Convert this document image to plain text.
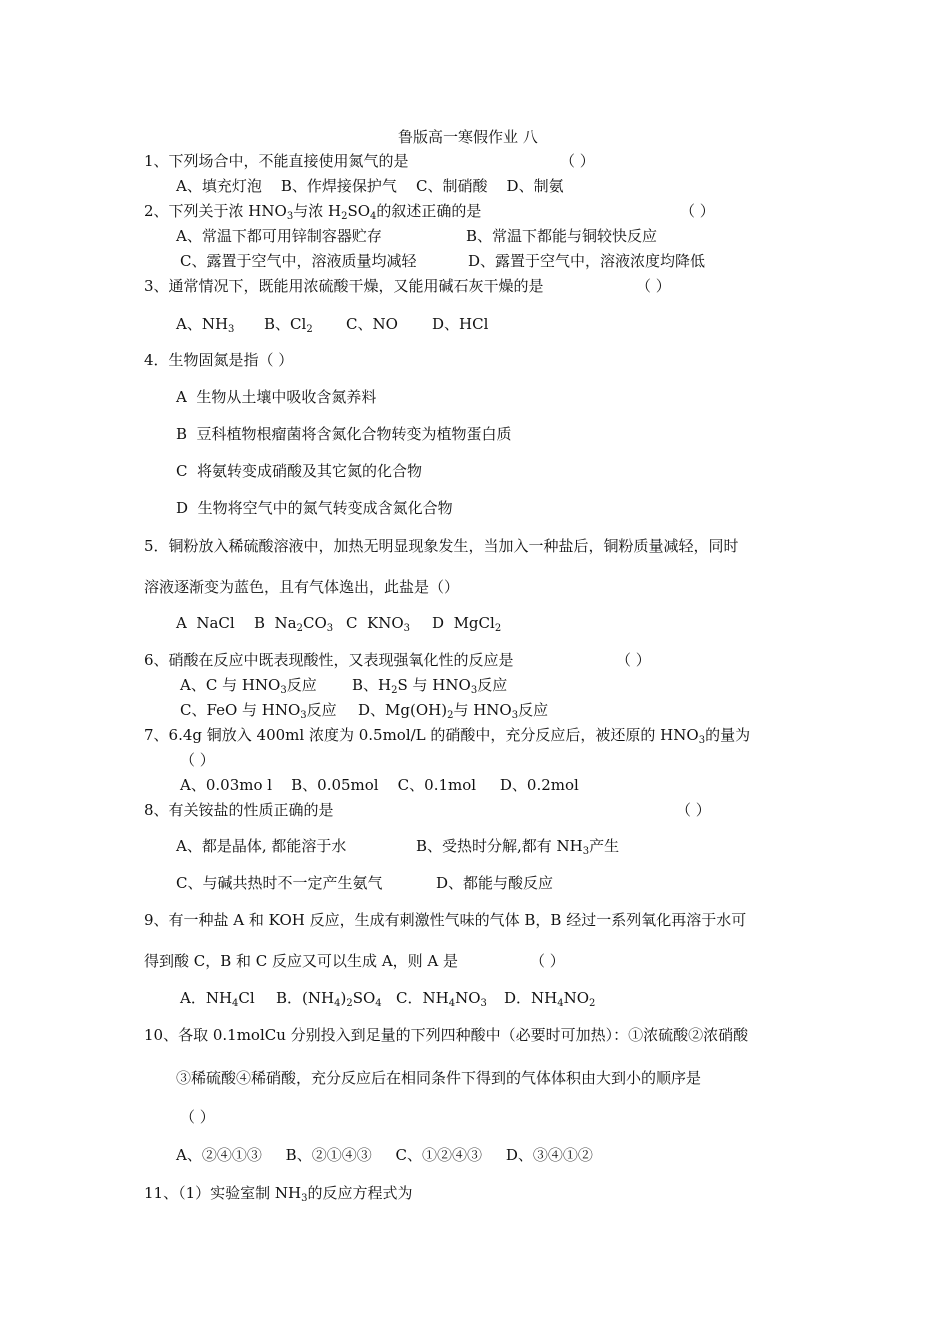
鲁版高一寒假作业 八
1、下列场合中，不能直接使用氮气的是	（ ）
A、填充灯泡    B、作焊接保护气    C、制硝酸    D、制氨
2、下列关于浓 $HNO_3$与浓 $H_2SO_4$的叙述正确的是	（ ）
A、常温下都可用锌制容器贮存	B、常温下都能与铜较快反应
C、露置于空气中，溶液质量均减轻	D、露置于空气中，溶液浓度均降低
3、通常情况下，既能用浓硫酸干燥，又能用碱石灰干燥的是	（ ）
A、$NH_3$ B、$Cl_2$ C、NO D、HCl
4．生物固氮是指（ ）
A  生物从土壤中吸收含氮养料
B  豆科植物根瘤菌将含氮化合物转变为植物蛋白质
C  将氨转变成硝酸及其它氮的化合物
D  生物将空气中的氮气转变成含氮化合物
5．铜粉放入稀硫酸溶液中，加热无明显现象发生，当加入一种盐后，铜粉质量减轻，同时
溶液逐渐变为蓝色，且有气体逸出，此盐是（）
A  NaCl B  $Na_2CO_3$ C  $KNO_3$ D  MgCl$_2$
6、硝酸在反应中既表现酸性，又表现强氧化性的反应是	（ ）
A、C 与 $HNO_3$反应 B、$H_2S$ 与 $HNO_3$反应
C、FeO 与 $HNO_3$反应 D、$Mg(OH)_2$与 $HNO_3$反应
7、6.4g 铜放入 400ml 浓度为 0.5mol/L 的硝酸中，充分反应后，被还原的 $HNO_3$的量为
（ ）
A、0.03mo l    B、0.05mol    C、0.1mol     D、0.2mol
8、有关铵盐的性质正确的是	（ ）
A、都是晶体, 都能溶于水	B、受热时分解,都有 $NH_3$产生
C、与碱共热时不一定产生氨气	D、都能与酸反应
9、有一种盐 A 和 KOH 反应，生成有刺激性气味的气体 B，B 经过一系列氧化再溶于水可
得到酸 C，B 和 C 反应又可以生成 A，则 A 是	（ ）
A．$NH_4Cl$ B．$(NH_4)_2SO_4$ C．$NH_4NO_3$ D．$NH_4NO_2$
10、各取 0.1molCu 分别投入到足量的下列四种酸中（必要时可加热）：①浓硫酸②浓硝酸
③稀硫酸④稀硝酸，充分反应后在相同条件下得到的气体体积由大到小的顺序是
（ ）
A、②④①③     B、②①④③     C、①②④③     D、③④①②
11、（1）实验室制 $NH_3$的反应方程式为
